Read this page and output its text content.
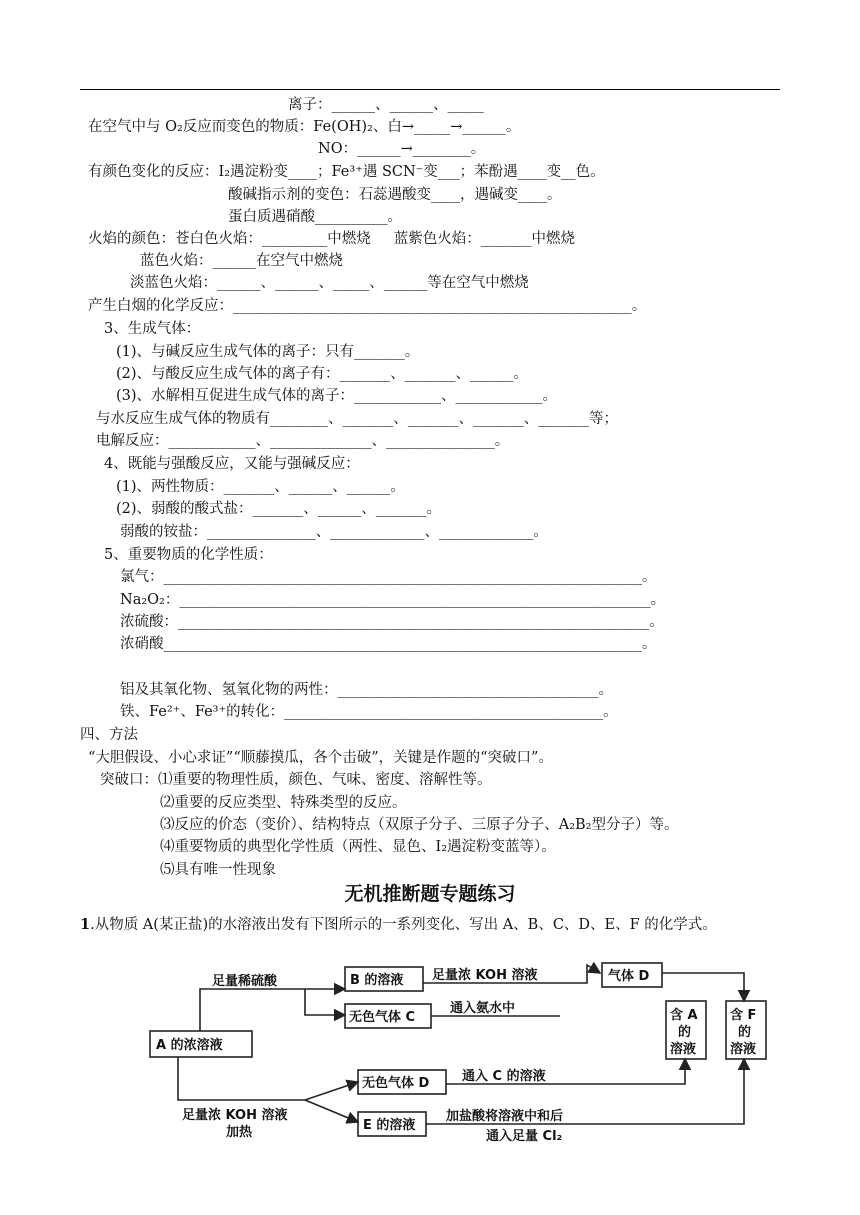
离子：______、______、_____
在空气中与 O₂反应而变色的物质：Fe(OH)₂、白→_____→______。
NO：______→________。
有颜色变化的反应：I₂遇淀粉变____；Fe³⁺遇 SCN⁻变___；苯酚遇____变__色。
酸碱指示剂的变色：石蕊遇酸变____，遇碱变____。
蛋白质遇硝酸__________。
火焰的颜色：苍白色火焰：_________中燃烧     蓝紫色火焰：_______中燃烧
蓝色火焰：______在空气中燃烧
淡蓝色火焰：______、______、_____、______等在空气中燃烧
产生白烟的化学反应：_______________________________________________________。
3、生成气体：
(1)、与碱反应生成气体的离子：只有_______。
(2)、与酸反应生成气体的离子有：_______、_______、______。
(3)、水解相互促进生成气体的离子：____________、____________。
与水反应生成气体的物质有________、_______、_______、_______、_______等；
电解反应：____________、______________、_______________。
4、既能与强酸反应，又能与强碱反应：
(1)、两性物质：_______、______、______。
(2)、弱酸的酸式盐：_______、______、_______。
弱酸的铵盐：_______________、_____________、_____________。
5、重要物质的化学性质：
氯气：__________________________________________________________________。
Na₂O₂：_________________________________________________________________。
浓硫酸：_________________________________________________________________。
浓硝酸__________________________________________________________________。
铝及其氧化物、氢氧化物的两性：____________________________________。
铁、Fe²⁺、Fe³⁺的转化：____________________________________________。
四、方法
“大胆假设、小心求证”“顺藤摸瓜，各个击破”，关键是作题的“突破口”。
突破口：⑴重要的物理性质，颜色、气味、密度、溶解性等。
⑵重要的反应类型、特殊类型的反应。
⑶反应的价态（变价）、结构特点（双原子分子、三原子分子、A₂B₂型分子）等。
⑷重要物质的典型化学性质（两性、显色、I₂遇淀粉变蓝等）。
⑸具有唯一性现象
无机推断题专题练习
1.从物质 A(某正盐)的水溶液出发有下图所示的一系列变化、写出 A、B、C、D、E、F 的化学式。
A 的浓溶液
B 的溶液
无色气体 C
气体 D
无色气体 D
E 的溶液
足量稀硫酸
足量浓 KOH 溶液
加热
足量浓 KOH 溶液
通入氨水中
通入 C 的溶液
加盐酸将溶液中和后
通入足量 Cl₂
含 A
的
溶液
含 F
的
溶液
